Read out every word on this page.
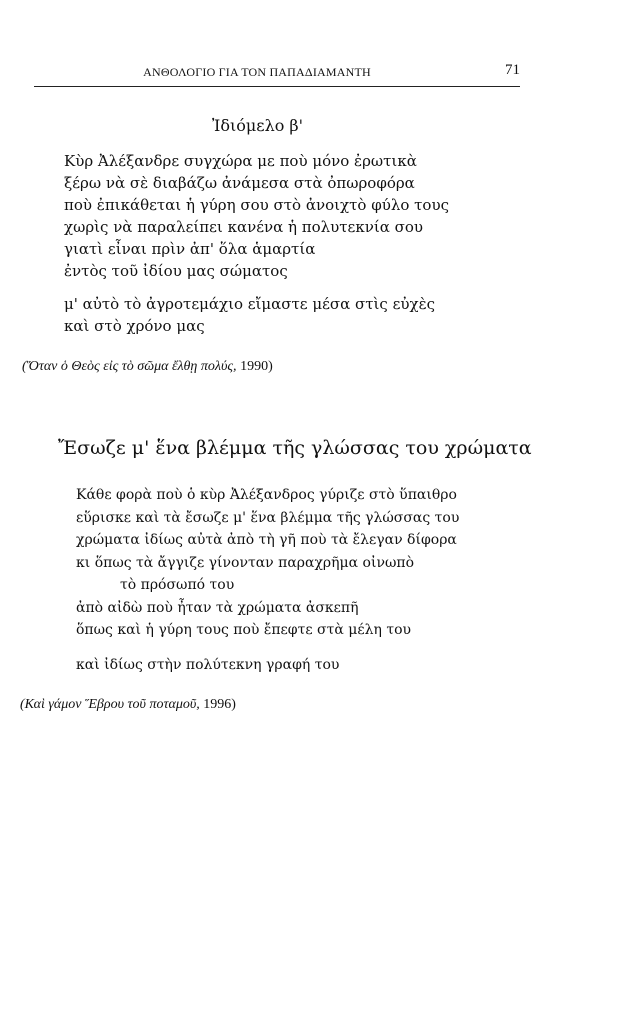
ΑΝΘΟΛΟΓΙΟ ΓΙΑ ΤΟΝ ΠΑΠΑΔΙΑΜΑΝΤΗ	71
Ἰδιόμελο β'
Κὺρ Ἀλέξανδρε συγχώρα με ποὺ μόνο ἐρωτικὰ
ξέρω νὰ σὲ διαβάζω ἀνάμεσα στὰ ὀπωροφόρα
ποὺ ἐπικάθεται ἡ γύρη σου στὸ ἀνοιχτὸ φύλο τους
χωρὶς νὰ παραλείπει κανένα ἡ πολυτεκνία σου
γιατὶ εἶναι πρὶν ἀπ' ὅλα ἁμαρτία
ἐντὸς τοῦ ἰδίου μας σώματος
μ' αὐτὸ τὸ ἀγροτεμάχιο εἴμαστε μέσα στὶς εὐχὲς
καὶ στὸ χρόνο μας
(Ὅταν ὁ Θεὸς εἰς τὸ σῶμα ἔλθῃ πολύς, 1990)
Ἔσωζε μ' ἕνα βλέμμα τῆς γλώσσας του χρώματα
Κάθε φορὰ ποὺ ὁ κὺρ Ἀλέξανδρος γύριζε στὸ ὕπαιθρο
εὕρισκε καὶ τὰ ἔσωζε μ' ἕνα βλέμμα τῆς γλώσσας του
χρώματα ἰδίως αὐτὰ ἀπὸ τὴ γῆ ποὺ τὰ ἔλεγαν δίφορα
κι ὅπως τὰ ἄγγιζε γίνονταν παραχρῆμα οἰνωπὸ
τὸ πρόσωπό του
ἀπὸ αἰδὼ ποὺ ἦταν τὰ χρώματα ἀσκεπῆ
ὅπως καὶ ἡ γύρη τους ποὺ ἔπεφτε στὰ μέλη του
καὶ ἰδίως στὴν πολύτεκνη γραφή του
(Καὶ γάμον Ἕβρου τοῦ ποταμοῦ, 1996)
